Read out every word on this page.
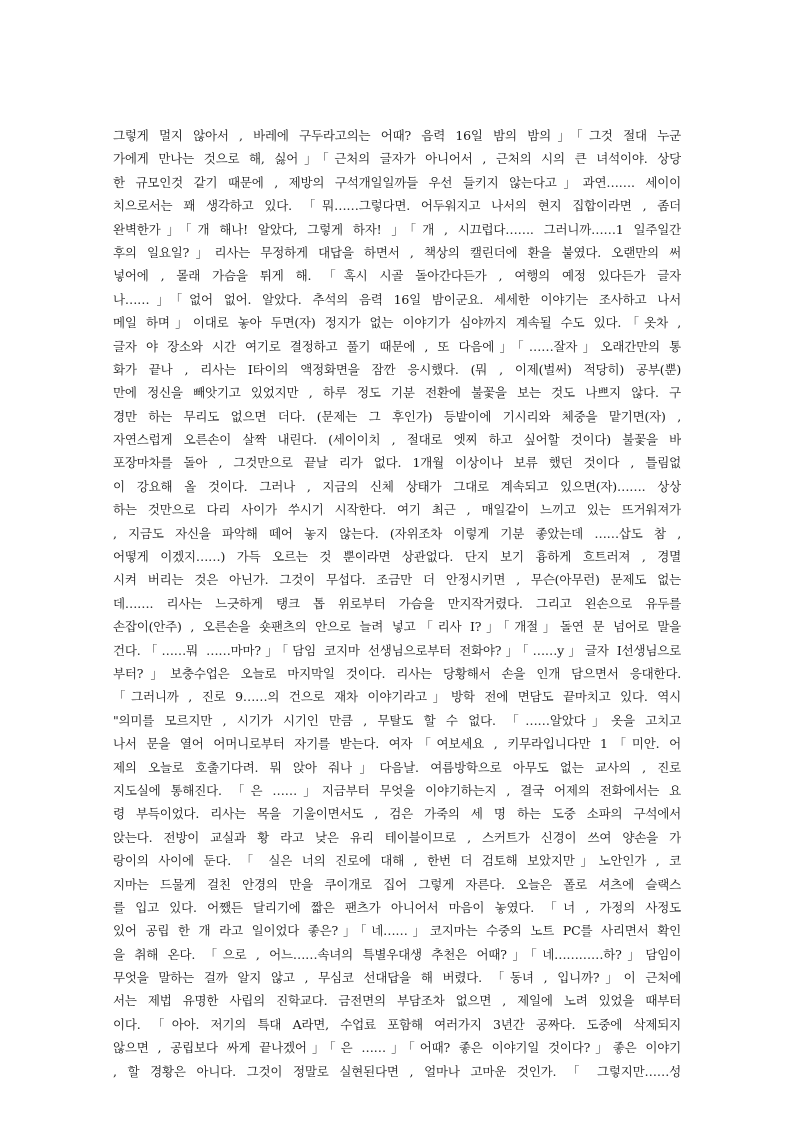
그렇게 멀지 않아서 , 바레에 구두라고의는 어때? 음력 16일 밤의 밤의」「그것 절대 누군
가에게 만나는 것으로 해, 싫어」「근처의 글자가 아니어서 , 근처의 시의 큰 녀석이야. 상당
한 규모인것 같기 때문에 , 제방의 구석개일일까들 우선 들키지 않는다고」과연……. 세이이
치으로서는 꽤 생각하고 있다. 「뭐……그렇다면. 어두워지고 나서의 현지 집합이라면 , 좀더
완벽한가」「개 해나! 알았다, 그렇게 하자! 」「개 , 시끄럽다……. 그러니까……1 일주일간
후의 일요일?」리사는 무정하게 대답을 하면서 , 책상의 캘린더에 환을 붙였다. 오랜만의 써
넣어에 , 몰래 가슴을 튀게 해. 「혹시 시골 돌아간다든가 , 여행의 예정 있다든가 글자
나……」「없어 없어. 알았다. 추석의 음력 16일 밤이군요. 세세한 이야기는 조사하고 나서
메일 하며」이대로 놓아 두면(자) 정지가 없는 이야기가 심야까지 계속될 수도 있다.「옷차 ,
글자 야 장소와 시간 여기로 결정하고 풀기 때문에 , 또 다음에」「……잘자」오래간만의 통
화가 끝나 , 리사는 I타이의 액정화면을 잠깐 응시했다. (뭐 , 이제(벌써) 적당히) 공부(뿐)
만에 정신을 빼앗기고 있었지만 , 하루 정도 기분 전환에 불꽃을 보는 것도 나쁘지 않다. 구
경만 하는 무리도 없으면 더다. (문제는 그 후인가) 등밭이에 기시리와 체중을 맡기면(자) ,
자연스럽게 오른손이 살짝 내린다. (세이이치 , 절대로 엣찌 하고 싶어할 것이다) 불꽃을 바
포장마차를 돌아 , 그것만으로 끝날 리가 없다. 1개월 이상이나 보류 했던 것이다 , 틀림없
이 강요해 올 것이다. 그러나 , 지금의 신체 상태가 그대로 계속되고 있으면(자)……. 상상
하는 것만으로 다리 사이가 쑤시기 시작한다. 여기 최근 , 매일같이 느끼고 있는 뜨거워져가
, 지금도 자신을 파악해 떼어 놓지 않는다. (자위조차 이렇게 기분 좋았는데 ……삽도 참 ,
어떻게 이겠지……) 가득 오르는 것 뿐이라면 상관없다. 단지 보기 흉하게 흐트러져 , 경멸
시켜 버리는 것은 아닌가. 그것이 무섭다. 조금만 더 안정시키면 , 무슨(아무런) 문제도 없는
데……. 리사는 느긋하게 탱크 톱 위로부터 가슴을 만지작거렸다. 그리고 왼손으로 유두를
손잡이(안주) , 오른손을 숏팬츠의 안으로 늘려 넣고「리사 I?」「개절」돌연 문 넘어로 말을
건다.「……뭐 ……마마?」「담임 코지마 선생님으로부터 전화야?」「……y」글자 I선생님으로
부터?」보충수업은 오늘로 마지막일 것이다. 리사는 당황해서 손을 인개 담으면서 응대한다.
「그러니까 , 진로 9……의 건으로 재차 이야기라고」방학 전에 면담도 끝마치고 있다. 역시
"의미를 모르지만 , 시기가 시기인 만큼 , 무탈도 할 수 없다. 「……알았다」옷을 고치고
나서 문을 열어 어머니로부터 자기를 받는다. 여자「여보세요 , 키무라입니다만 1「미안. 어
제의 오늘로 호출기다려. 뭐 앉아 줘나」다음날. 여름방학으로 아무도 없는 교사의 , 진로
지도실에 통해진다. 「은 ……」지금부터 무엇을 이야기하는지 , 결국 어제의 전화에서는 요
령 부득이었다. 리사는 목을 기울이면서도 , 검은 가죽의 세 명 하는 도중 소파의 구석에서
앉는다. 전방이 교실과 황 라고 낮은 유리 테이블이므로 , 스커트가 신경이 쓰여 양손을 가
랑이의 사이에 둔다. 「 실은 너의 진로에 대해 , 한번 더 검토해 보았지만」노안인가 , 코
지마는 드물게 걸친 안경의 만을 쿠이개로 집어 그렇게 자른다. 오늘은 폴로 셔츠에 슬랙스
를 입고 있다. 어쨌든 달리기에 짧은 팬츠가 아니어서 마음이 놓였다. 「너 , 가정의 사정도
있어 공립 한 개 라고 일이었다 좋은?」「네……」코지마는 수중의 노트 PC를 사리면서 확인
을 취해 온다. 「으로 , 어느……속녀의 특별우대생 추천은 어때?」「네…………하?」담임이
무엇을 말하는 걸까 알지 않고 , 무심코 선대답을 해 버렸다. 「동녀 , 입니까?」이 근처에
서는 제법 유명한 사립의 진학교다. 금전면의 부담조차 없으면 , 제일에 노려 있었을 때부터
이다. 「아아. 저기의 특대 A라면, 수업료 포함해 여러가지 3년간 공짜다. 도중에 삭제되지
않으면 , 공립보다 싸게 끝나겠어」「은 ……」「어때? 좋은 이야기일 것이다?」좋은 이야기
, 할 경황은 아니다. 그것이 정말로 실현된다면 , 얼마나 고마운 것인가. 「 그렇지만……성
